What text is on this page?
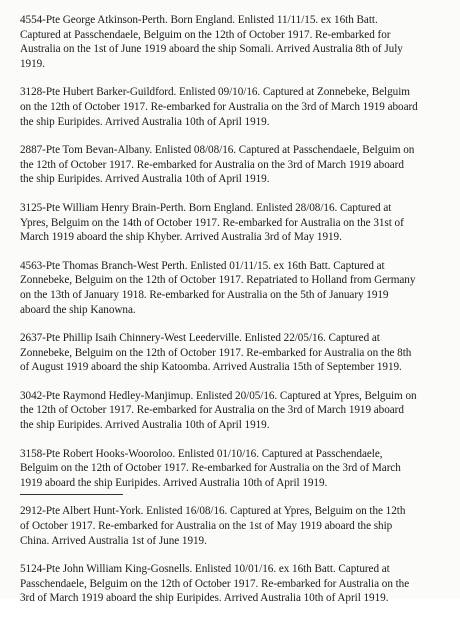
4554-Pte George Atkinson-Perth. Born England. Enlisted 11/11/15. ex 16th Batt.
Captured at Passchendaele, Belguim on the 12th of October 1917. Re-embarked for
Australia on the 1st of June 1919 aboard the ship Somali. Arrived Australia 8th of July
1919.

3128-Pte Hubert Barker-Guildford. Enlisted 09/10/16. Captured at Zonnebeke, Belguim
on the 12th of October 1917. Re-embarked for Australia on the 3rd of March 1919 aboard
the ship Euripides. Arrived Australia 10th of April 1919.

2887-Pte Tom Bevan-Albany. Enlisted 08/08/16. Captured at Passchendaele, Belguim on
the 12th of October 1917. Re-embarked for Australia on the 3rd of March 1919 aboard
the ship Euripides. Arrived Australia 10th of April 1919.

3125-Pte William Henry Brain-Perth. Born England. Enlisted 28/08/16. Captured at
Ypres, Belguim on the 14th of October 1917. Re-embarked for Australia on the 31st of
March 1919 aboard the ship Khyber. Arrived Australia 3rd of May 1919.

4563-Pte Thomas Branch-West Perth. Enlisted 01/11/15. ex 16th Batt. Captured at
Zonnebeke, Belguim on the 12th of October 1917. Repatriated to Holland from Germany
on the 13th of January 1918. Re-embarked for Australia on the 5th of January 1919
aboard the ship Kanowna.

2637-Pte Phillip Isaih Chinnery-West Leederville. Enlisted 22/05/16. Captured at
Zonnebeke, Belguim on the 12th of October 1917. Re-embarked for Australia on the 8th
of August 1919 aboard the ship Katoomba. Arrived Australia 15th of September 1919.

3042-Pte Raymond Hedley-Manjimup. Enlisted 20/05/16. Captured at Ypres, Belguim on
the 12th of October 1917. Re-embarked for Australia on the 3rd of March 1919 aboard
the ship Euripides. Arrived Australia 10th of April 1919.

3158-Pte Robert Hooks-Wooroloo. Enlisted 01/10/16. Captured at Passchendaele,
Belguim on the 12th of October 1917. Re-embarked for Australia on the 3rd of March
1919 aboard the ship Euripides. Arrived Australia 10th of April 1919.

2912-Pte Albert Hunt-York. Enlisted 16/08/16. Captured at Ypres, Belguim on the 12th
of October 1917. Re-embarked for Australia on the 1st of May 1919 aboard the ship
China. Arrived Australia 1st of June 1919.

5124-Pte John William King-Gosnells. Enlisted 10/01/16. ex 16th Batt. Captured at
Passchendaele, Belguim on the 12th of October 1917. Re-embarked for Australia on the
3rd of March 1919 aboard the ship Euripides. Arrived Australia 10th of April 1919.
